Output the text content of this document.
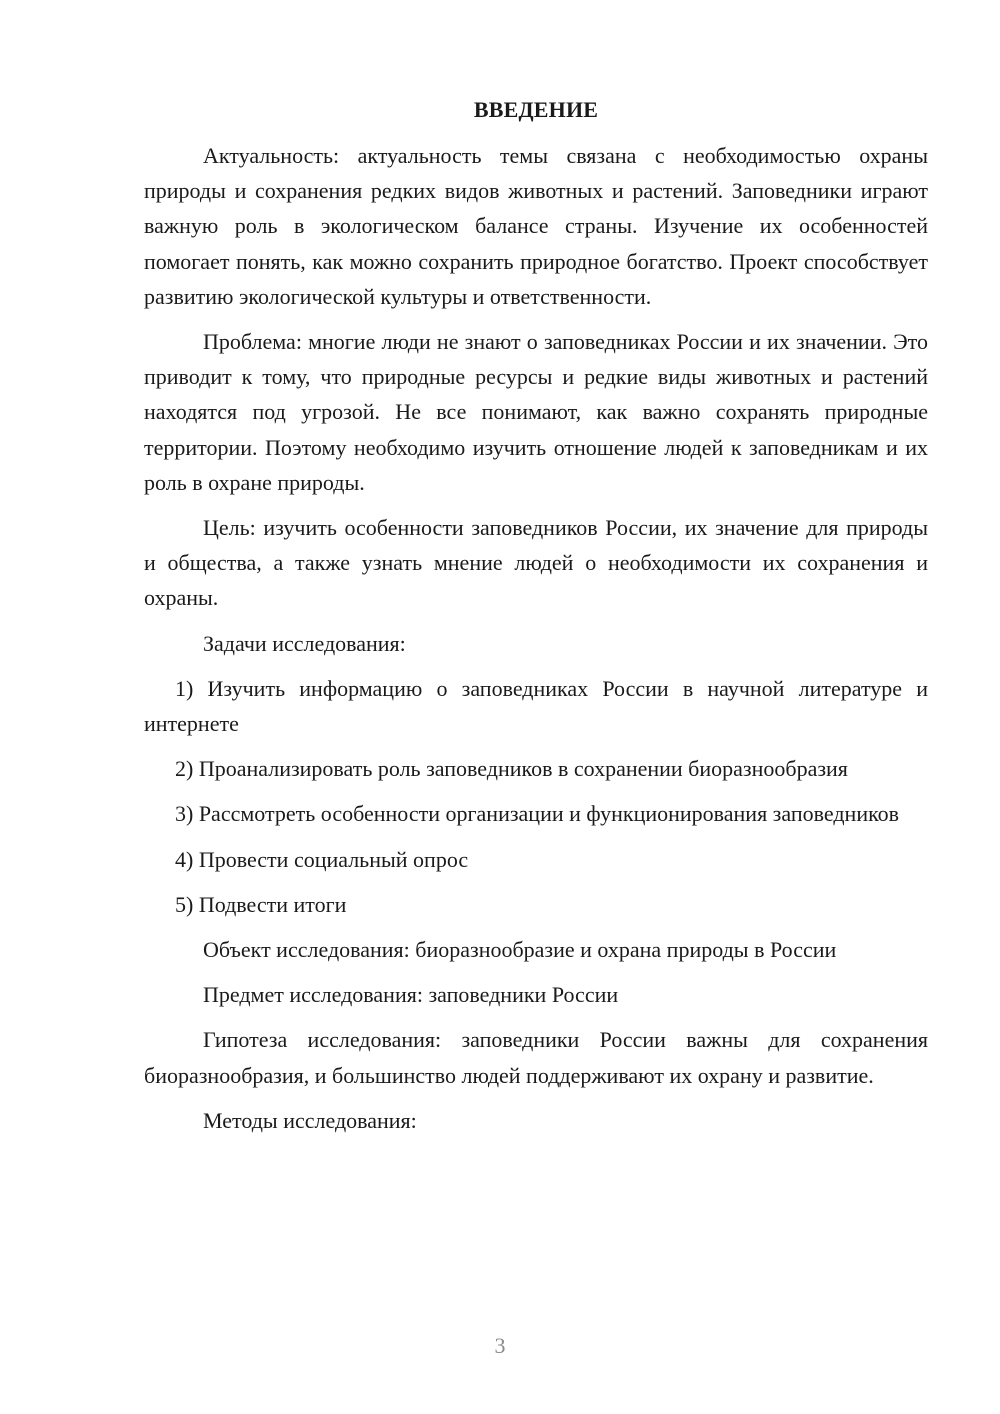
ВВЕДЕНИЕ

Актуальность: актуальность темы связана с необходимостью охраны природы и сохранения редких видов животных и растений. Заповедники играют важную роль в экологическом балансе страны. Изучение их особенностей помогает понять, как можно сохранить природное богатство. Проект способствует развитию экологической культуры и ответственности.

Проблема: многие люди не знают о заповедниках России и их значении. Это приводит к тому, что природные ресурсы и редкие виды животных и растений находятся под угрозой. Не все понимают, как важно сохранять природные территории. Поэтому необходимо изучить отношение людей к заповедникам и их роль в охране природы.

Цель: изучить особенности заповедников России, их значение для природы и общества, а также узнать мнение людей о необходимости их сохранения и охраны.

Задачи исследования:

1) Изучить информацию о заповедниках России в научной литературе и интернете

2) Проанализировать роль заповедников в сохранении биоразнообразия

3) Рассмотреть особенности организации и функционирования заповедников

4) Провести социальный опрос

5) Подвести итоги

Объект исследования: биоразнообразие и охрана природы в России

Предмет исследования: заповедники России

Гипотеза исследования: заповедники России важны для сохранения биоразнообразия, и большинство людей поддерживают их охрану и развитие.

Методы исследования:

3
